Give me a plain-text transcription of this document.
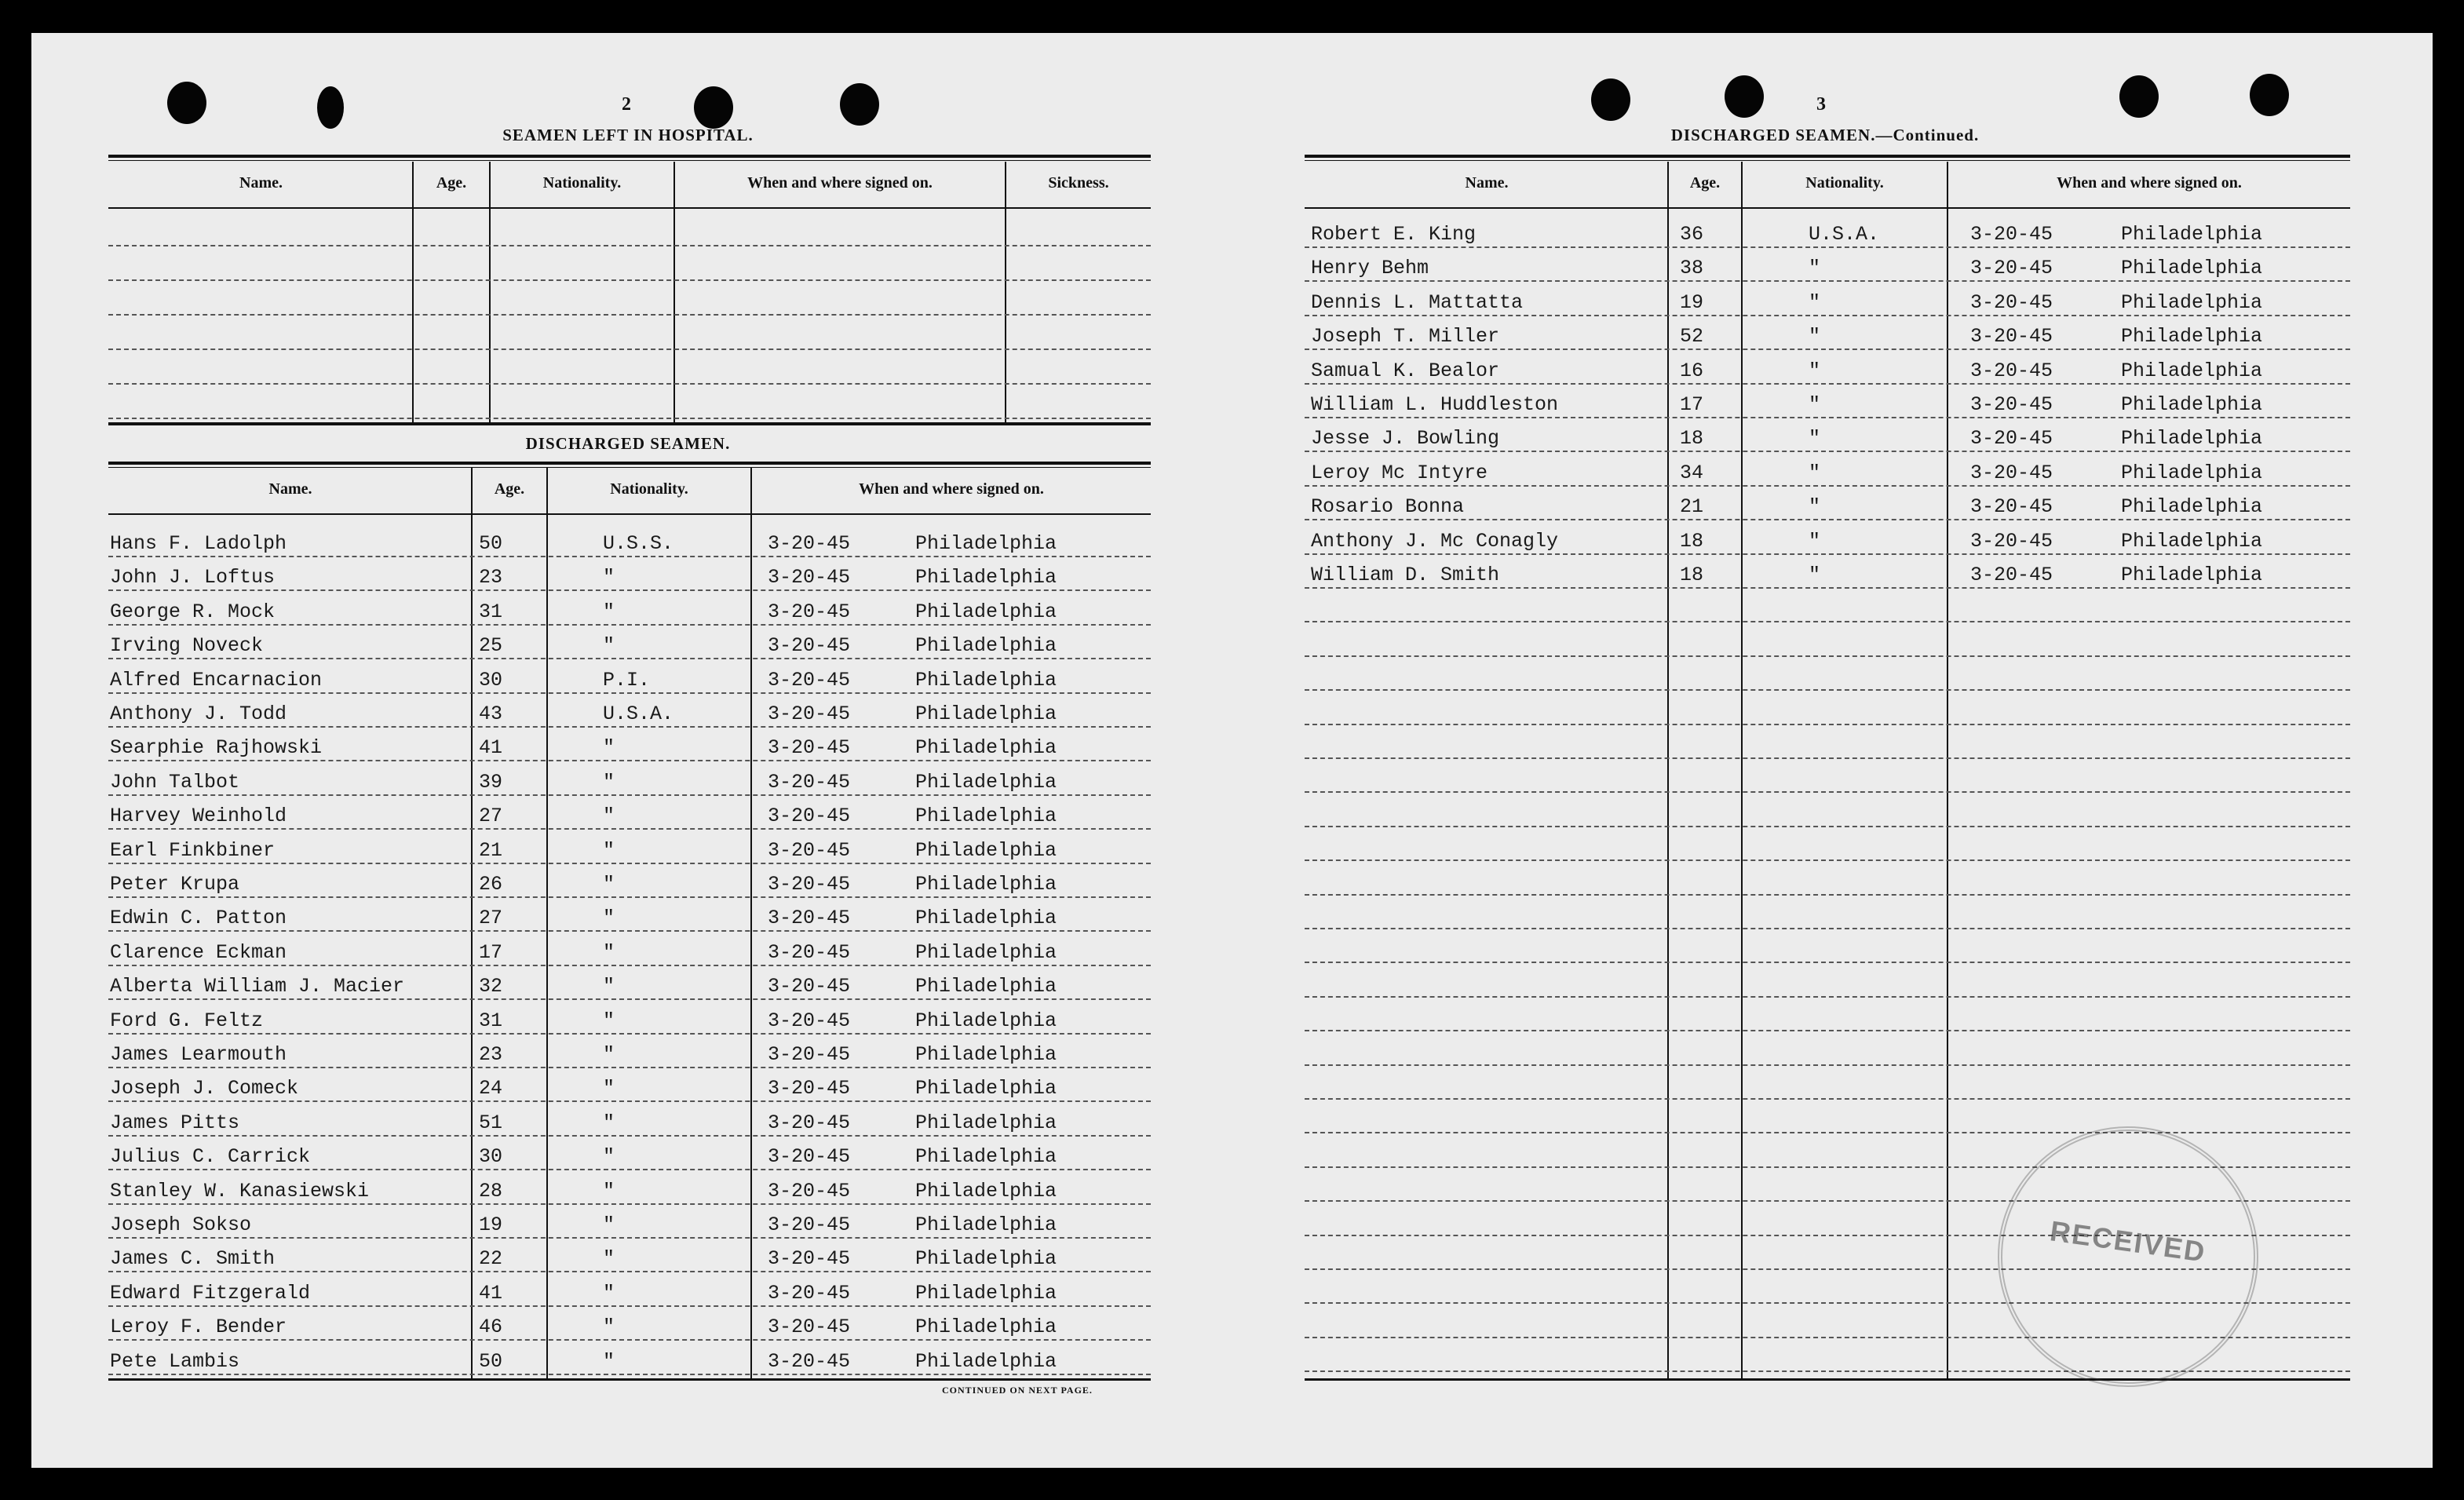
2
SEAMEN LEFT IN HOSPITAL.
Name.	Age.	Nationality.	When and where signed on.	Sickness.
DISCHARGED SEAMEN.
Name.	Age.	Nationality.	When and where signed on.
Hans F. Ladolph	50	U.S.S.	3-20-45	Philadelphia
John J. Loftus	23	"	3-20-45	Philadelphia
George R. Mock	31	"	3-20-45	Philadelphia
Irving Noveck	25	"	3-20-45	Philadelphia
Alfred Encarnacion	30	P.I.	3-20-45	Philadelphia
Anthony J. Todd	43	U.S.A.	3-20-45	Philadelphia
Searphie Rajhowski	41	"	3-20-45	Philadelphia
John Talbot	39	"	3-20-45	Philadelphia
Harvey Weinhold	27	"	3-20-45	Philadelphia
Earl Finkbiner	21	"	3-20-45	Philadelphia
Peter Krupa	26	"	3-20-45	Philadelphia
Edwin C. Patton	27	"	3-20-45	Philadelphia
Clarence Eckman	17	"	3-20-45	Philadelphia
Alberta William J. Macier	32	"	3-20-45	Philadelphia
Ford G. Feltz	31	"	3-20-45	Philadelphia
James Learmouth	23	"	3-20-45	Philadelphia
Joseph J. Comeck	24	"	3-20-45	Philadelphia
James Pitts	51	"	3-20-45	Philadelphia
Julius C. Carrick	30	"	3-20-45	Philadelphia
Stanley W. Kanasiewski	28	"	3-20-45	Philadelphia
Joseph Sokso	19	"	3-20-45	Philadelphia
James C. Smith	22	"	3-20-45	Philadelphia
Edward Fitzgerald	41	"	3-20-45	Philadelphia
Leroy F. Bender	46	"	3-20-45	Philadelphia
Pete Lambis	50	"	3-20-45	Philadelphia
CONTINUED ON NEXT PAGE.
3
DISCHARGED SEAMEN.—Continued.
Name.	Age.	Nationality.	When and where signed on.
Robert E. King	36	U.S.A.	3-20-45	Philadelphia
Henry Behm	38	"	3-20-45	Philadelphia
Dennis L. Mattatta	19	"	3-20-45	Philadelphia
Joseph T. Miller	52	"	3-20-45	Philadelphia
Samual K. Bealor	16	"	3-20-45	Philadelphia
William L. Huddleston	17	"	3-20-45	Philadelphia
Jesse J. Bowling	18	"	3-20-45	Philadelphia
Leroy Mc Intyre	34	"	3-20-45	Philadelphia
Rosario Bonna	21	"	3-20-45	Philadelphia
Anthony J. Mc Conagly	18	"	3-20-45	Philadelphia
William D. Smith	18	"	3-20-45	Philadelphia
RECEIVED
